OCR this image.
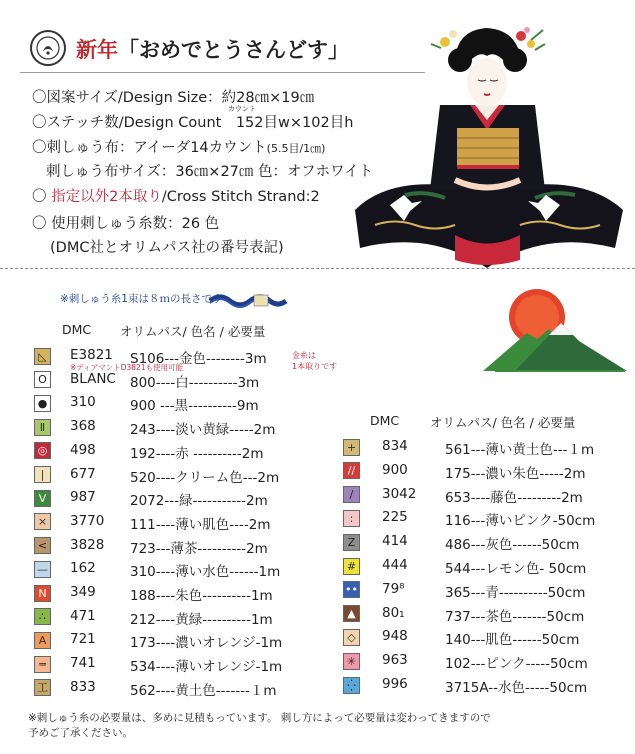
新年「おめでとうさんどす」
〇図案サイズ/Design Size：約28㎝×19㎝
カウント
〇ステッチ数/Design Count　152目w×102目h
〇刺しゅう布：アイーダ14カウント(5.5目/1㎝)
刺しゅう布サイズ：36㎝×27㎝ 色：オフホワイト
〇 指定以外2本取り/Cross Stitch Strand:2
〇 使用刺しゅう糸数：26 色
(DMC社とオリムパス社の番号表記)
※刺しゅう糸1束は８ｍの長さです
金糸は
1本取りです
DMC オリムパス/ 色名 / 必要量
DMC オリムパス/ 色名 / 必要量
◺	E3821 S106---金色--------3m
※ディアマントD3821も使用可能
O	BLANC 800----白----------3m
● 310	900 ---黒----------9m
Ⅱ	368	243----淡い黄緑-----2m
◎ 498	192----赤 ----------2m
|	677	520----クリーム色---2m
V	987	2072---緑-----------2m
× 3770 111----薄い肌色----2m
< 3828 723---薄茶----------2m
— 162	310----薄い水色------1m
N	349	188----朱色----------1m
∴	471	212----黄緑----------1m
A	721	173----濃いオレンジ-1m
═	741	534----薄いオレンジ-1m
工 833	562----黄土色-------１m
+ 834	561---薄い黄土色---１m
//	900	175---濃い朱色-----2m
/	3042 653----藤色---------2m
:	225	116---薄いピンク-50cm
Z	414	486---灰色------50cm
# 444	544---レモン色- 50cm
•• 79⁸	365---青----------50cm
▲	80₁	737---茶色-------50cm
◇	948	140---肌色------50cm
✳ 963	102---ピンク-----50cm
⁛	996	3715A--水色-----50cm
※刺しゅう糸の必要量は、多めに見積もっています。 刺し方によって必要量は変わってきますので
予めご了承ください。
